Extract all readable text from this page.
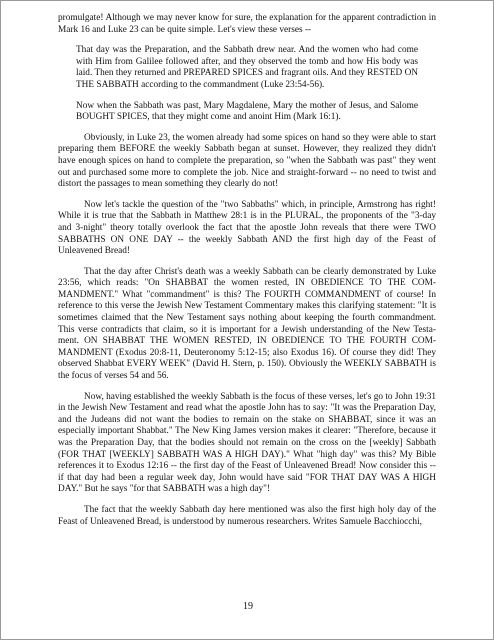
promulgate! Although we may never know for sure, the explanation for the apparent contradiction in Mark 16 and Luke 23 can be quite simple. Let's view these verses --

That day was the Preparation, and the Sabbath drew near. And the women who had come with Him from Galilee followed after, and they observed the tomb and how His body was laid. Then they returned and PREPARED SPICES and fragrant oils. And they RESTED ON THE SABBATH according to the commandment (Luke 23:54-56).

Now when the Sabbath was past, Mary Magdalene, Mary the mother of Jesus, and Salome BOUGHT SPICES, that they might come and anoint Him (Mark 16:1).

Obviously, in Luke 23, the women already had some spices on hand so they were able to start preparing them BEFORE the weekly Sabbath began at sunset. However, they realized they didn't have enough spices on hand to complete the preparation, so "when the Sabbath was past" they went out and purchased some more to complete the job. Nice and straight-forward -- no need to twist and distort the passages to mean something they clearly do not!

Now let's tackle the question of the "two Sabbaths" which, in principle, Armstrong has right! While it is true that the Sabbath in Matthew 28:1 is in the PLURAL, the proponents of the "3-day and 3-night" theory totally overlook the fact that the apostle John reveals that there were TWO SABBATHS ON ONE DAY -- the weekly Sabbath AND the first high day of the Feast of Unleavened Bread!

That the day after Christ's death was a weekly Sabbath can be clearly demonstrated by Luke 23:56, which reads: "On SHABBAT the women rested, IN OBEDIENCE TO THE COM-MANDMENT." What "commandment" is this? The FOURTH COMMANDMENT of course! In reference to this verse the Jewish New Testament Commentary makes this clarifying statement: "It is sometimes claimed that the New Testament says nothing about keeping the fourth commandment. This verse contradicts that claim, so it is important for a Jewish understanding of the New Testa-ment. ON SHABBAT THE WOMEN RESTED, IN OBEDIENCE TO THE FOURTH COM-MANDMENT (Exodus 20:8-11, Deuteronomy 5:12-15; also Exodus 16). Of course they did! They observed Shabbat EVERY WEEK" (David H. Stern, p. 150). Obviously the WEEKLY SABBATH is the focus of verses 54 and 56.

Now, having established the weekly Sabbath is the focus of these verses, let's go to John 19:31 in the Jewish New Testament and read what the apostle John has to say: "It was the Preparation Day, and the Judeans did not want the bodies to remain on the stake on SHABBAT, since it was an especially important Shabbat." The New King James version makes it clearer: "Therefore, because it was the Preparation Day, that the bodies should not remain on the cross on the [weekly] Sabbath (FOR THAT [WEEKLY] SABBATH WAS A HIGH DAY)." What "high day" was this? My Bible references it to Exodus 12:16 -- the first day of the Feast of Unleavened Bread! Now consider this -- if that day had been a regular week day, John would have said "FOR THAT DAY WAS A HIGH DAY." But he says "for that SABBATH was a high day"!

The fact that the weekly Sabbath day here mentioned was also the first high holy day of the Feast of Unleavened Bread, is understood by numerous researchers. Writes Samuele Bacchiocchi,

19
